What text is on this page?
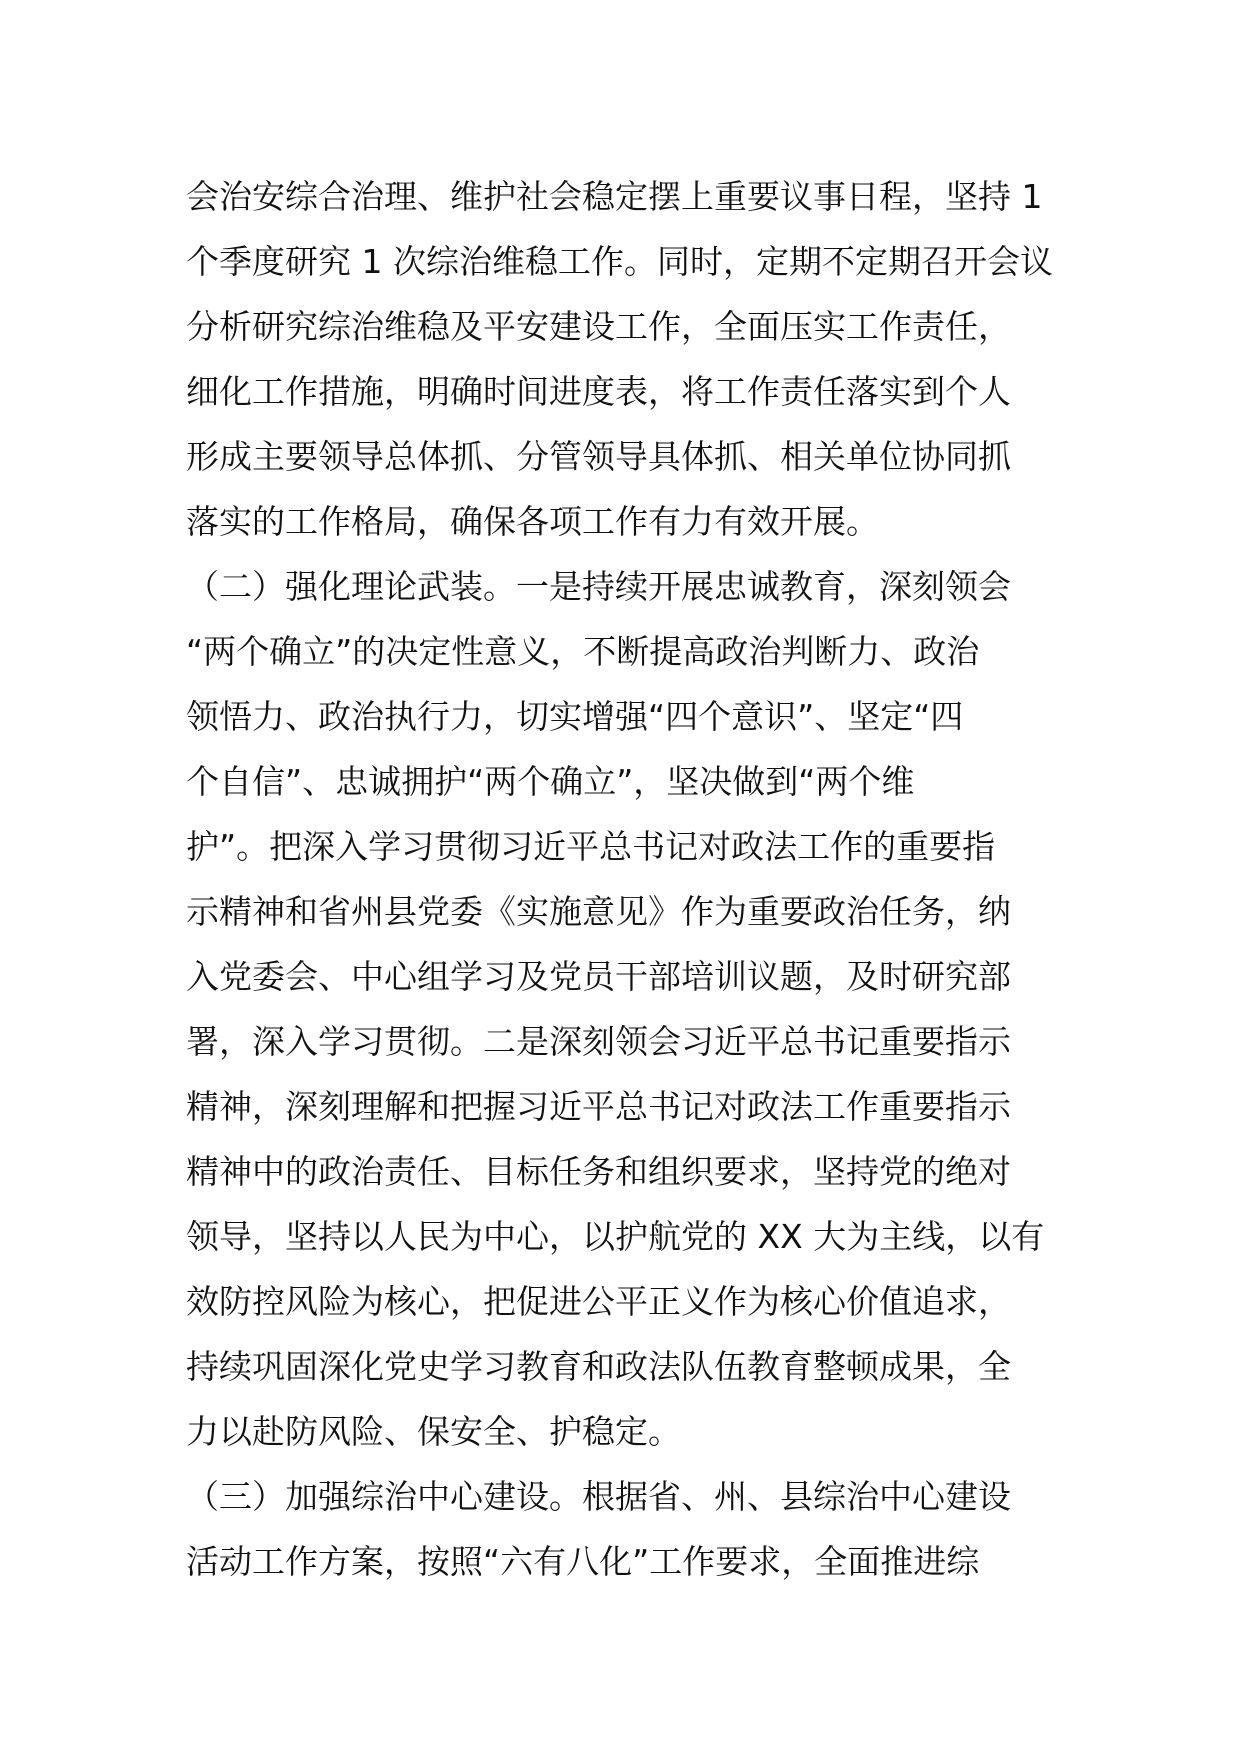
会治安综合治理、维护社会稳定摆上重要议事日程，坚持 1
个季度研究 1 次综治维稳工作。同时，定期不定期召开会议
分析研究综治维稳及平安建设工作，全面压实工作责任，
细化工作措施，明确时间进度表，将工作责任落实到个人
形成主要领导总体抓、分管领导具体抓、相关单位协同抓
落实的工作格局，确保各项工作有力有效开展。
（二）强化理论武装。一是持续开展忠诚教育，深刻领会
“两个确立”的决定性意义，不断提高政治判断力、政治
领悟力、政治执行力，切实增强“四个意识”、坚定“四
个自信”、忠诚拥护“两个确立”，坚决做到“两个维
护”。把深入学习贯彻习近平总书记对政法工作的重要指
示精神和省州县党委《实施意见》作为重要政治任务，纳
入党委会、中心组学习及党员干部培训议题，及时研究部
署，深入学习贯彻。二是深刻领会习近平总书记重要指示
精神，深刻理解和把握习近平总书记对政法工作重要指示
精神中的政治责任、目标任务和组织要求，坚持党的绝对
领导，坚持以人民为中心，以护航党的 XX 大为主线，以有
效防控风险为核心，把促进公平正义作为核心价值追求，
持续巩固深化党史学习教育和政法队伍教育整顿成果，全
力以赴防风险、保安全、护稳定。
（三）加强综治中心建设。根据省、州、县综治中心建设
活动工作方案，按照“六有八化”工作要求，全面推进综
